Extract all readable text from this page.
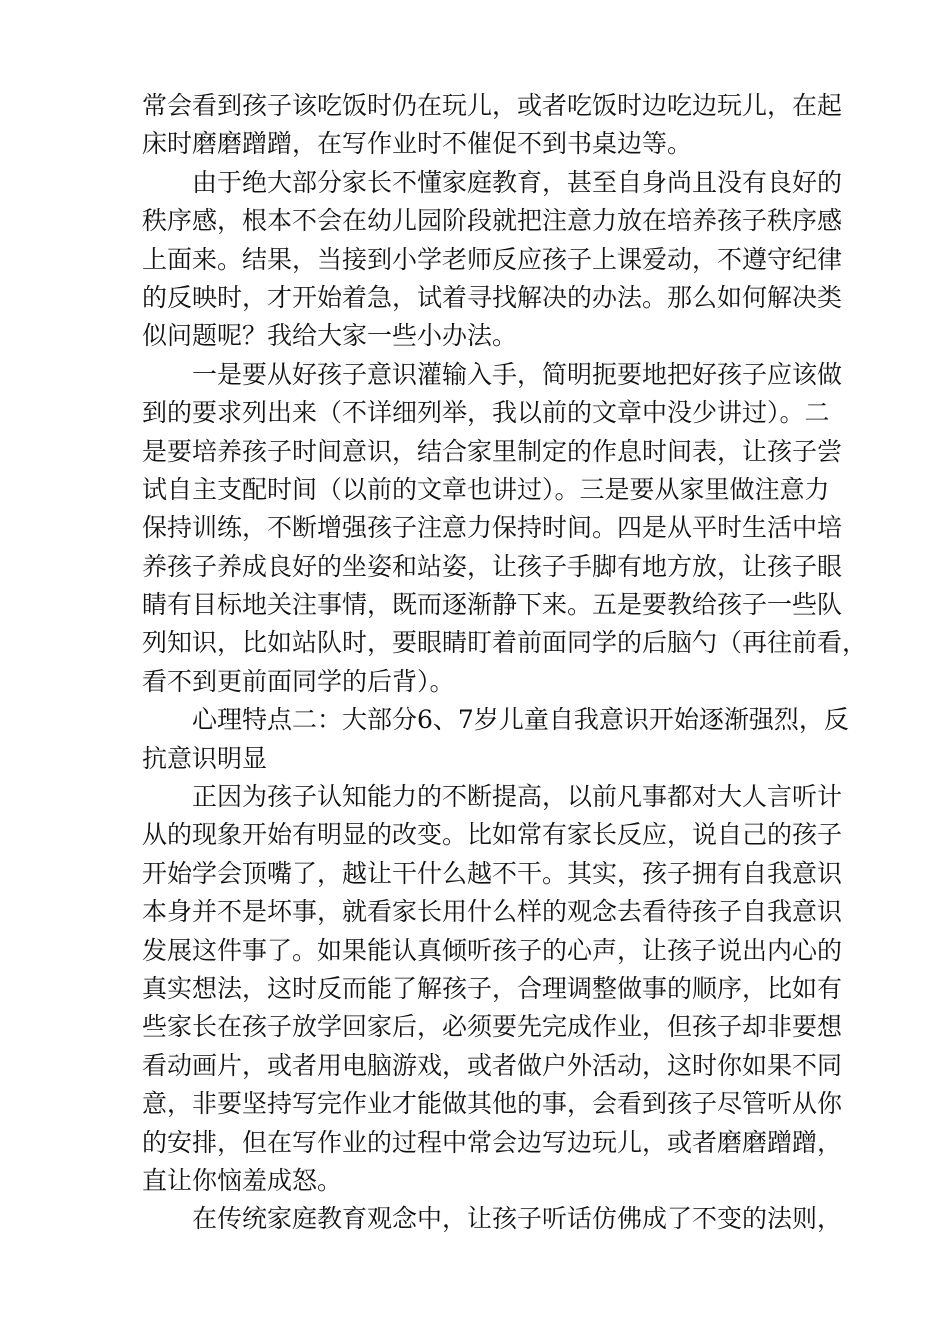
常会看到孩子该吃饭时仍在玩儿，或者吃饭时边吃边玩儿，在起
床时磨磨蹭蹭，在写作业时不催促不到书桌边等。
由于绝大部分家长不懂家庭教育，甚至自身尚且没有良好的
秩序感，根本不会在幼儿园阶段就把注意力放在培养孩子秩序感
上面来。结果，当接到小学老师反应孩子上课爱动，不遵守纪律
的反映时，才开始着急，试着寻找解决的办法。那么如何解决类
似问题呢？我给大家一些小办法。
一是要从好孩子意识灌输入手，简明扼要地把好孩子应该做
到的要求列出来（不详细列举，我以前的文章中没少讲过）。二
是要培养孩子时间意识，结合家里制定的作息时间表，让孩子尝
试自主支配时间（以前的文章也讲过）。三是要从家里做注意力
保持训练，不断增强孩子注意力保持时间。四是从平时生活中培
养孩子养成良好的坐姿和站姿，让孩子手脚有地方放，让孩子眼
睛有目标地关注事情，既而逐渐静下来。五是要教给孩子一些队
列知识，比如站队时，要眼睛盯着前面同学的后脑勺（再往前看，
看不到更前面同学的后背）。
心理特点二：大部分6、7岁儿童自我意识开始逐渐强烈，反
抗意识明显
正因为孩子认知能力的不断提高，以前凡事都对大人言听计
从的现象开始有明显的改变。比如常有家长反应，说自己的孩子
开始学会顶嘴了，越让干什么越不干。其实，孩子拥有自我意识
本身并不是坏事，就看家长用什么样的观念去看待孩子自我意识
发展这件事了。如果能认真倾听孩子的心声，让孩子说出内心的
真实想法，这时反而能了解孩子，合理调整做事的顺序，比如有
些家长在孩子放学回家后，必须要先完成作业，但孩子却非要想
看动画片，或者用电脑游戏，或者做户外活动，这时你如果不同
意，非要坚持写完作业才能做其他的事，会看到孩子尽管听从你
的安排，但在写作业的过程中常会边写边玩儿，或者磨磨蹭蹭，
直让你恼羞成怒。
在传统家庭教育观念中，让孩子听话仿佛成了不变的法则，
